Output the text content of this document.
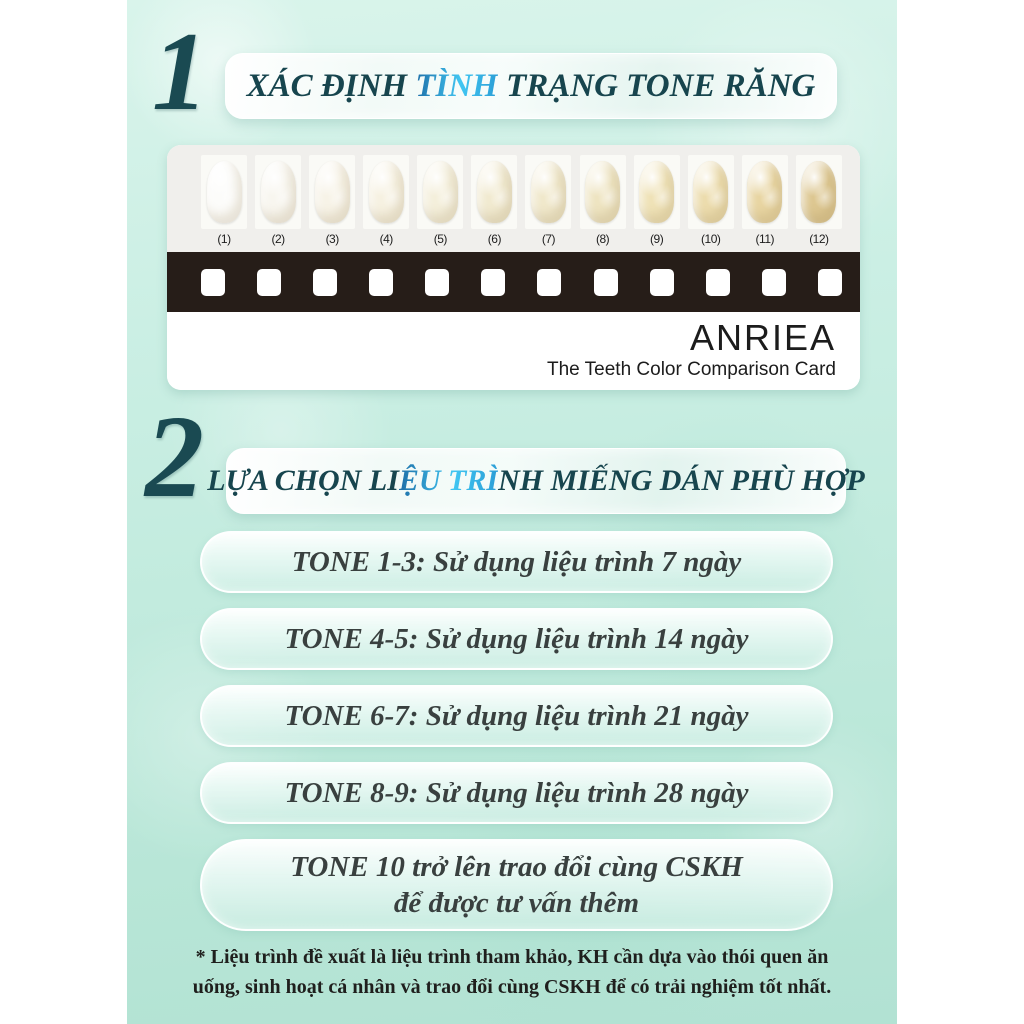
1 XÁC ĐỊNH TÌNH TRẠNG TONE RĂNG
(1)	(2)	(3)	(4)	(5)	(6)	(7)	(8)	(9)	(10)	(11)	(12)
ANRIEA
The Teeth Color Comparison Card
2 LỰA CHỌN LIỆU TRÌNH MIẾNG DÁN PHÙ HỢP
TONE 1-3: Sử dụng liệu trình 7 ngày
TONE 4-5: Sử dụng liệu trình 14 ngày
TONE 6-7: Sử dụng liệu trình 21 ngày
TONE 8-9: Sử dụng liệu trình 28 ngày
TONE 10 trở lên trao đổi cùng CSKH
để được tư vấn thêm
* Liệu trình đề xuất là liệu trình tham khảo, KH cần dựa vào thói quen ăn
uống, sinh hoạt cá nhân và trao đổi cùng CSKH để có trải nghiệm tốt nhất.
